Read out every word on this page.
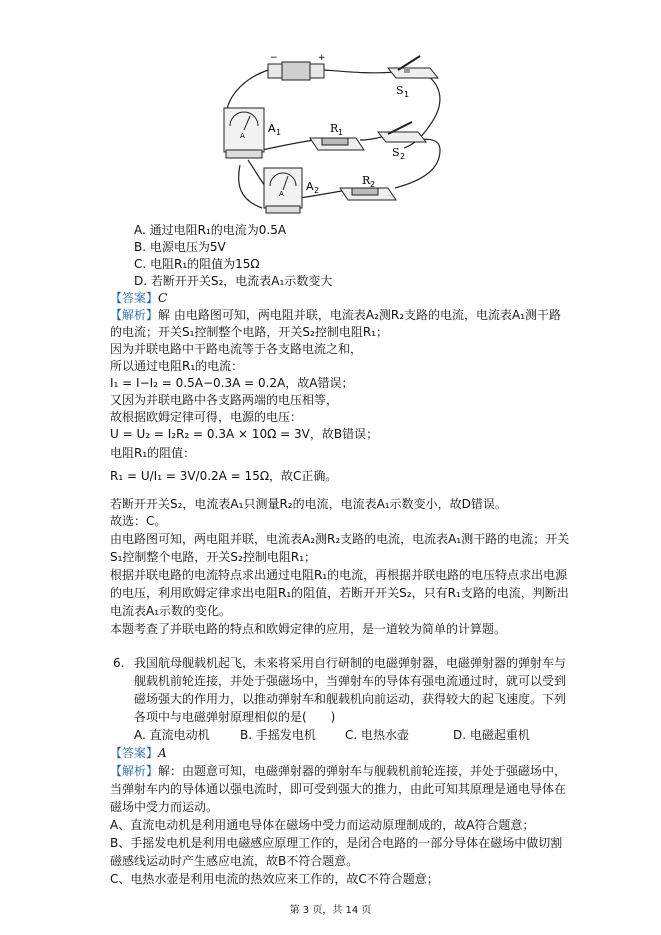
−	+
S 1
A
A 1	R 1
S 2
A
A 2
R 2
A. 通过电阻R₁的电流为0.5A
B. 电源电压为5V
C. 电阻R₁的阻值为15Ω
D. 若断开开关S₂，电流表A₁示数变大
【答案】C
【解析】解 由电路图可知，两电阻并联，电流表A₂测R₂支路的电流，电流表A₁测干路
的电流；开关S₁控制整个电路，开关S₂控制电阻R₁；
因为并联电路中干路电流等于各支路电流之和，
所以通过电阻R₁的电流：
I₁ = I−I₂ = 0.5A−0.3A = 0.2A，故A错误；
又因为并联电路中各支路两端的电压相等，
故根据欧姆定律可得，电源的电压：
U = U₂ = I₂R₂ = 0.3A × 10Ω = 3V，故B错误；
电阻R₁的阻值：
R₁ = U/I₁ = 3V/0.2A = 15Ω，故C正确。
若断开开关S₂，电流表A₁只测量R₂的电流，电流表A₁示数变小，故D错误。
故选：C。
由电路图可知，两电阻并联，电流表A₂测R₂支路的电流，电流表A₁测干路的电流；开关
S₁控制整个电路，开关S₂控制电阻R₁；
根据并联电路的电流特点求出通过电阻R₁的电流，再根据并联电路的电压特点求出电源
的电压，利用欧姆定律求出电阻R₁的阻值，若断开开关S₂，只有R₁支路的电流，判断出
电流表A₁示数的变化。
本题考查了并联电路的特点和欧姆定律的应用，是一道较为简单的计算题。
6. 我国航母舰载机起飞，未来将采用自行研制的电磁弹射器，电磁弹射器的弹射车与
舰载机前轮连接，并处于强磁场中，当弹射车的导体有强电流通过时，就可以受到
磁场强大的作用力，以推动弹射车和舰载机向前运动，获得较大的起飞速度。下列
各项中与电磁弹射原理相似的是(　　)
A. 直流电动机	B. 手摇发电机 C. 电热水壶	D. 电磁起重机
【答案】A
【解析】解：由题意可知，电磁弹射器的弹射车与舰载机前轮连接，并处于强磁场中，
当弹射车内的导体通以强电流时，即可受到强大的推力，由此可知其原理是通电导体在
磁场中受力而运动。
A、直流电动机是利用通电导体在磁场中受力而运动原理制成的，故A符合题意；
B、手摇发电机是利用电磁感应原理工作的，是闭合电路的一部分导体在磁场中做切割
磁感线运动时产生感应电流，故B不符合题意。
C、电热水壶是利用电流的热效应来工作的，故C不符合题意；
第 3 页，共 14 页
